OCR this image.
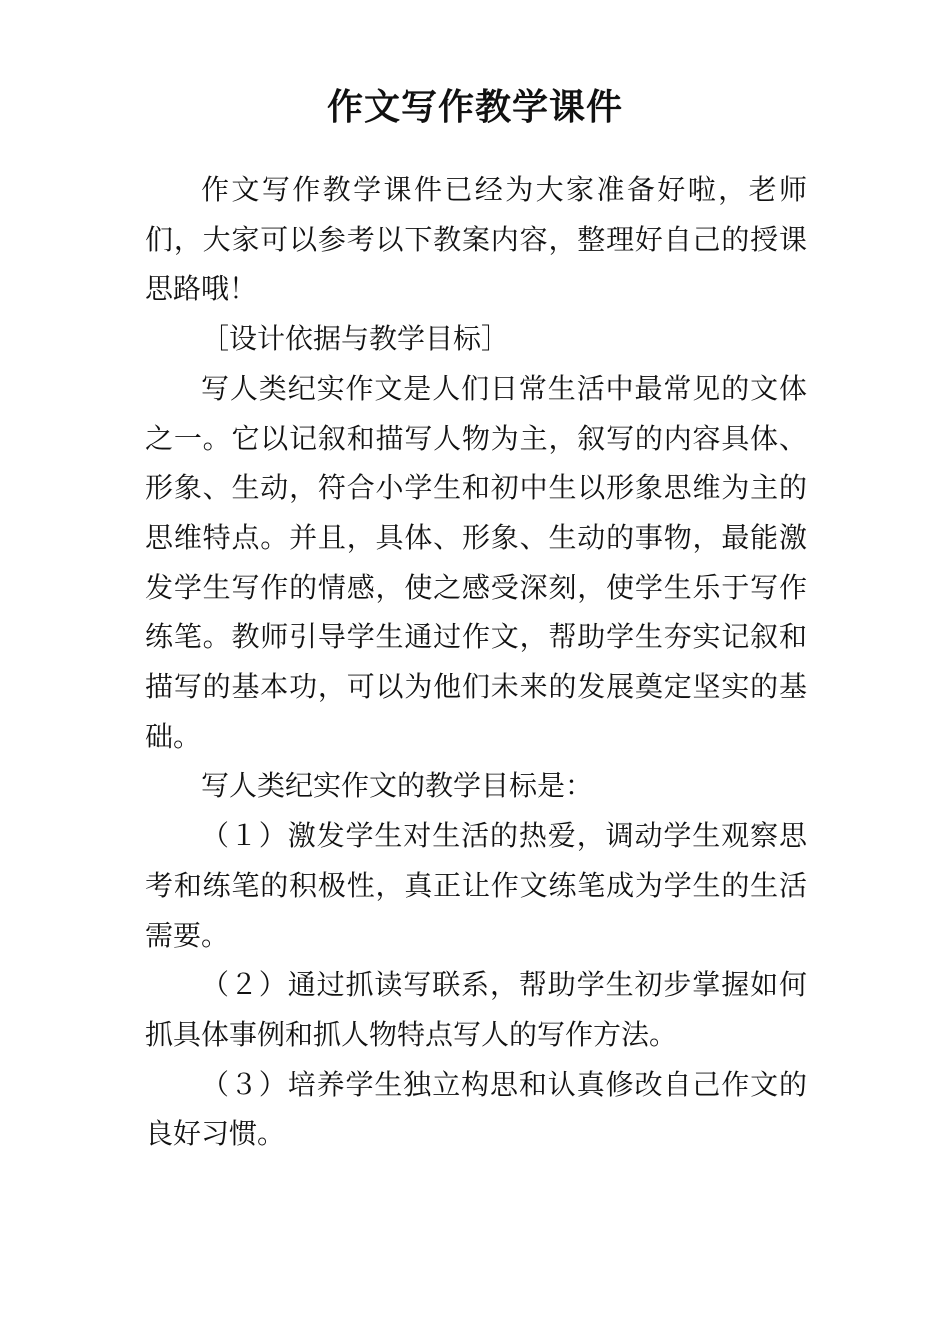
作文写作教学课件

作文写作教学课件已经为大家准备好啦，老师们，大家可以参考以下教案内容，整理好自己的授课思路哦！

［设计依据与教学目标］

写人类纪实作文是人们日常生活中最常见的文体之一。它以记叙和描写人物为主，叙写的内容具体、形象、生动，符合小学生和初中生以形象思维为主的思维特点。并且，具体、形象、生动的事物，最能激发学生写作的情感，使之感受深刻，使学生乐于写作练笔。教师引导学生通过作文，帮助学生夯实记叙和描写的基本功，可以为他们未来的发展奠定坚实的基础。

写人类纪实作文的教学目标是：

（１）激发学生对生活的热爱，调动学生观察思考和练笔的积极性，真正让作文练笔成为学生的生活需要。

（２）通过抓读写联系，帮助学生初步掌握如何抓具体事例和抓人物特点写人的写作方法。

（３）培养学生独立构思和认真修改自己作文的良好习惯。
